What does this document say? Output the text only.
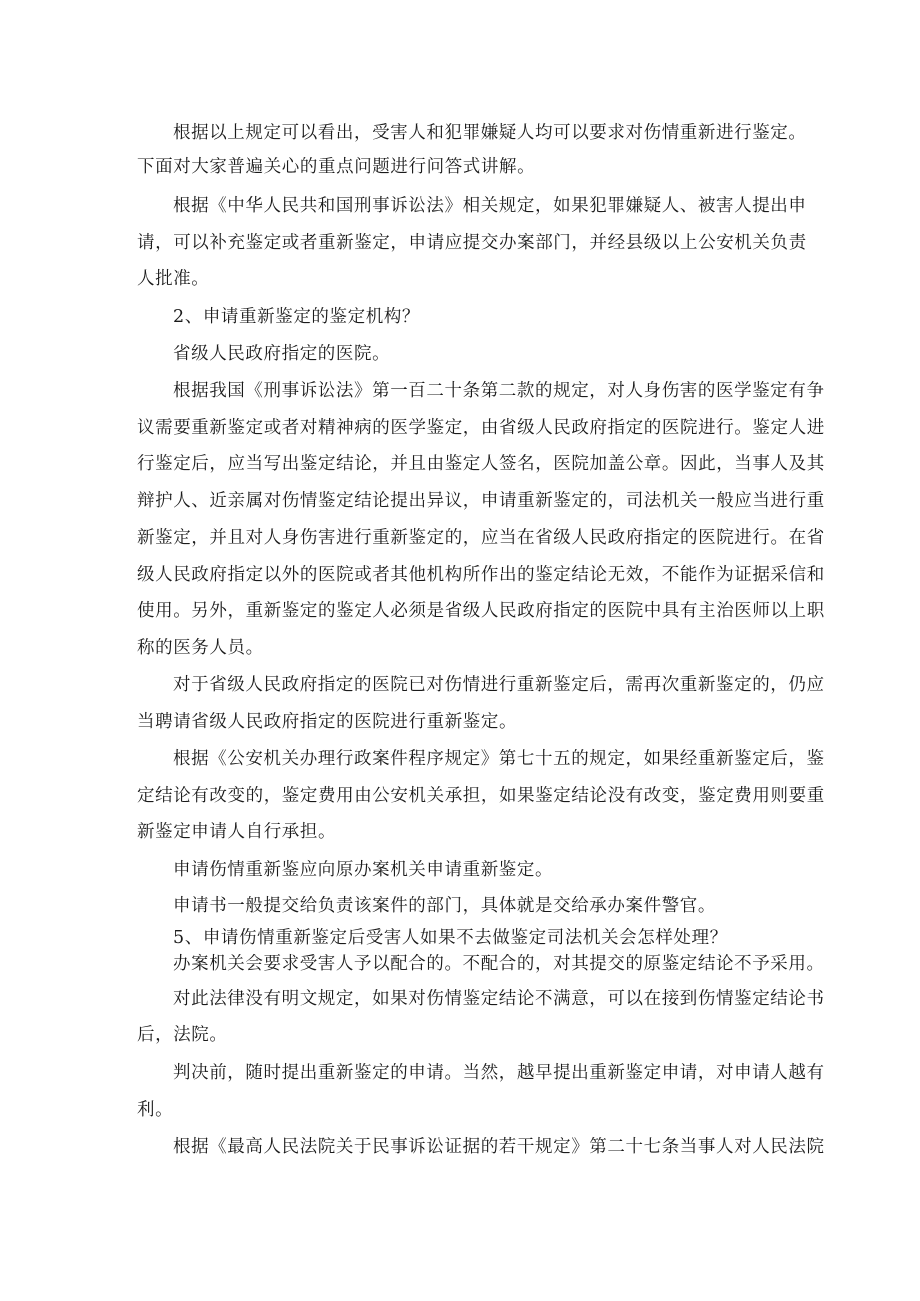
根据以上规定可以看出，受害人和犯罪嫌疑人均可以要求对伤情重新进行鉴定。
下面对大家普遍关心的重点问题进行问答式讲解。
根据《中华人民共和国刑事诉讼法》相关规定，如果犯罪嫌疑人、被害人提出申
请，可以补充鉴定或者重新鉴定，申请应提交办案部门，并经县级以上公安机关负责
人批准。
2、申请重新鉴定的鉴定机构？
省级人民政府指定的医院。
根据我国《刑事诉讼法》第一百二十条第二款的规定，对人身伤害的医学鉴定有争
议需要重新鉴定或者对精神病的医学鉴定，由省级人民政府指定的医院进行。鉴定人进
行鉴定后，应当写出鉴定结论，并且由鉴定人签名，医院加盖公章。因此，当事人及其
辩护人、近亲属对伤情鉴定结论提出异议，申请重新鉴定的，司法机关一般应当进行重
新鉴定，并且对人身伤害进行重新鉴定的，应当在省级人民政府指定的医院进行。在省
级人民政府指定以外的医院或者其他机构所作出的鉴定结论无效，不能作为证据采信和
使用。另外，重新鉴定的鉴定人必须是省级人民政府指定的医院中具有主治医师以上职
称的医务人员。
对于省级人民政府指定的医院已对伤情进行重新鉴定后，需再次重新鉴定的，仍应
当聘请省级人民政府指定的医院进行重新鉴定。
根据《公安机关办理行政案件程序规定》第七十五的规定，如果经重新鉴定后，鉴
定结论有改变的，鉴定费用由公安机关承担，如果鉴定结论没有改变，鉴定费用则要重
新鉴定申请人自行承担。
申请伤情重新鉴应向原办案机关申请重新鉴定。
申请书一般提交给负责该案件的部门，具体就是交给承办案件警官。
5、申请伤情重新鉴定后受害人如果不去做鉴定司法机关会怎样处理？
办案机关会要求受害人予以配合的。不配合的，对其提交的原鉴定结论不予采用。
对此法律没有明文规定，如果对伤情鉴定结论不满意，可以在接到伤情鉴定结论书
后，法院。
判决前，随时提出重新鉴定的申请。当然，越早提出重新鉴定申请，对申请人越有
利。
根据《最高人民法院关于民事诉讼证据的若干规定》第二十七条当事人对人民法院
